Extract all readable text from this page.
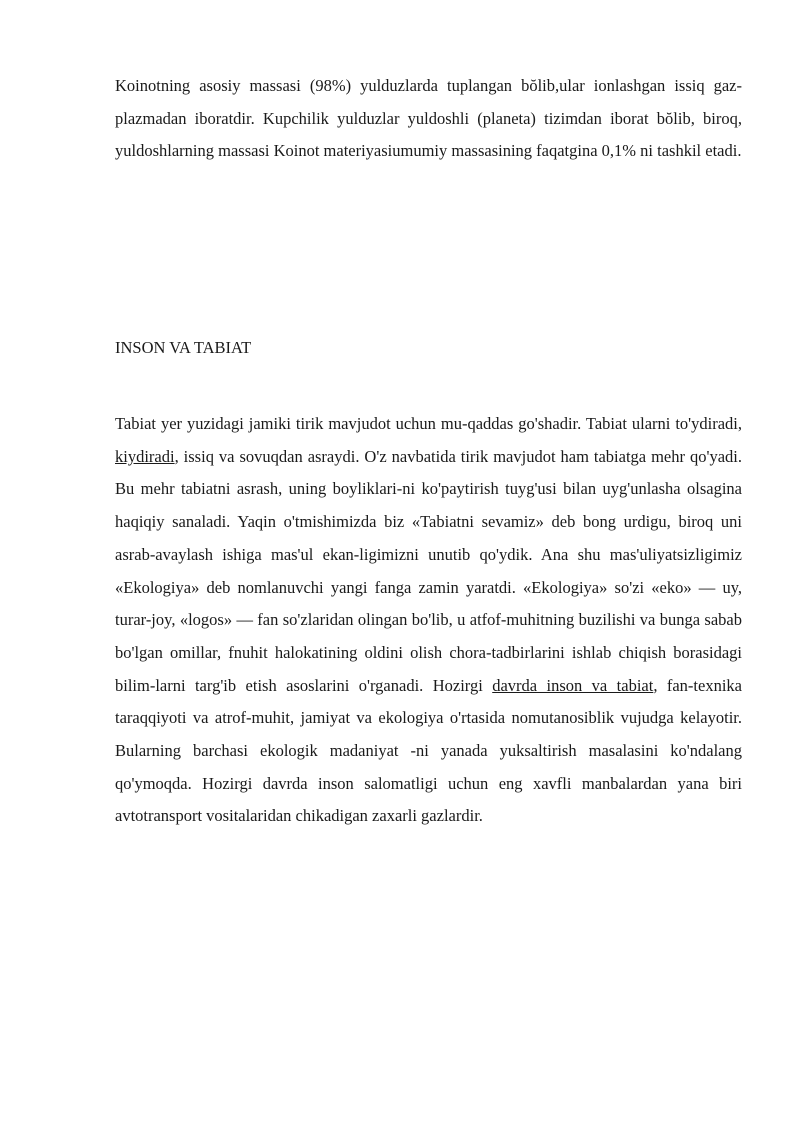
Koinotning asosiy massasi (98%) yulduzlarda tuplangan bŏlib,ular ionlashgan issiq gaz-plazmadan iboratdir. Kupchilik yulduzlar yuldoshli (planeta) tizimdan iborat bŏlib, biroq, yuldoshlarning massasi Koinot materiyasiumumiy massasining faqatgina 0,1% ni tashkil etadi.

INSON VA TABIAT

Tabiat yer yuzidagi jamiki tirik mavjudot uchun mu-qaddas go'shadir. Tabiat ularni to'ydiradi, kiydiradi, issiq va sovuqdan asraydi. O'z navbatida tirik mavjudot ham tabiatga mehr qo'yadi. Bu mehr tabiatni asrash, uning boyliklari-ni ko'paytirish tuyg'usi bilan uyg'unlasha olsagina haqiqiy sanaladi. Yaqin o'tmishimizda biz «Tabiatni sevamiz» deb bong urdigu, biroq uni asrab-avaylash ishiga mas'ul ekan-ligimizni unutib qo'ydik. Ana shu mas'uliyatsizligimiz «Ekologiya» deb nomlanuvchi yangi fanga zamin yaratdi. «Ekologiya» so'zi «eko» — uy, turar-joy, «logos» — fan so'zlaridan olingan bo'lib, u atfof-muhitning buzilishi va bunga sabab bo'lgan omillar, fnuhit halokatining oldini olish chora-tadbirlarini ishlab chiqish borasidagi bilim-larni targ'ib etish asoslarini o'rganadi. Hozirgi davrda inson va tabiat, fan-texnika taraqqiyoti va atrof-muhit, jamiyat va ekologiya o'rtasida nomutanosiblik vujudga kelayotir. Bularning barchasi ekologik madaniyat -ni yanada yuksaltirish masalasini ko'ndalang qo'ymoqda. Hozirgi davrda inson salomatligi uchun eng xavfli manbalardan yana biri avtotransport vositalaridan chikadigan zaxarli gazlardir.
